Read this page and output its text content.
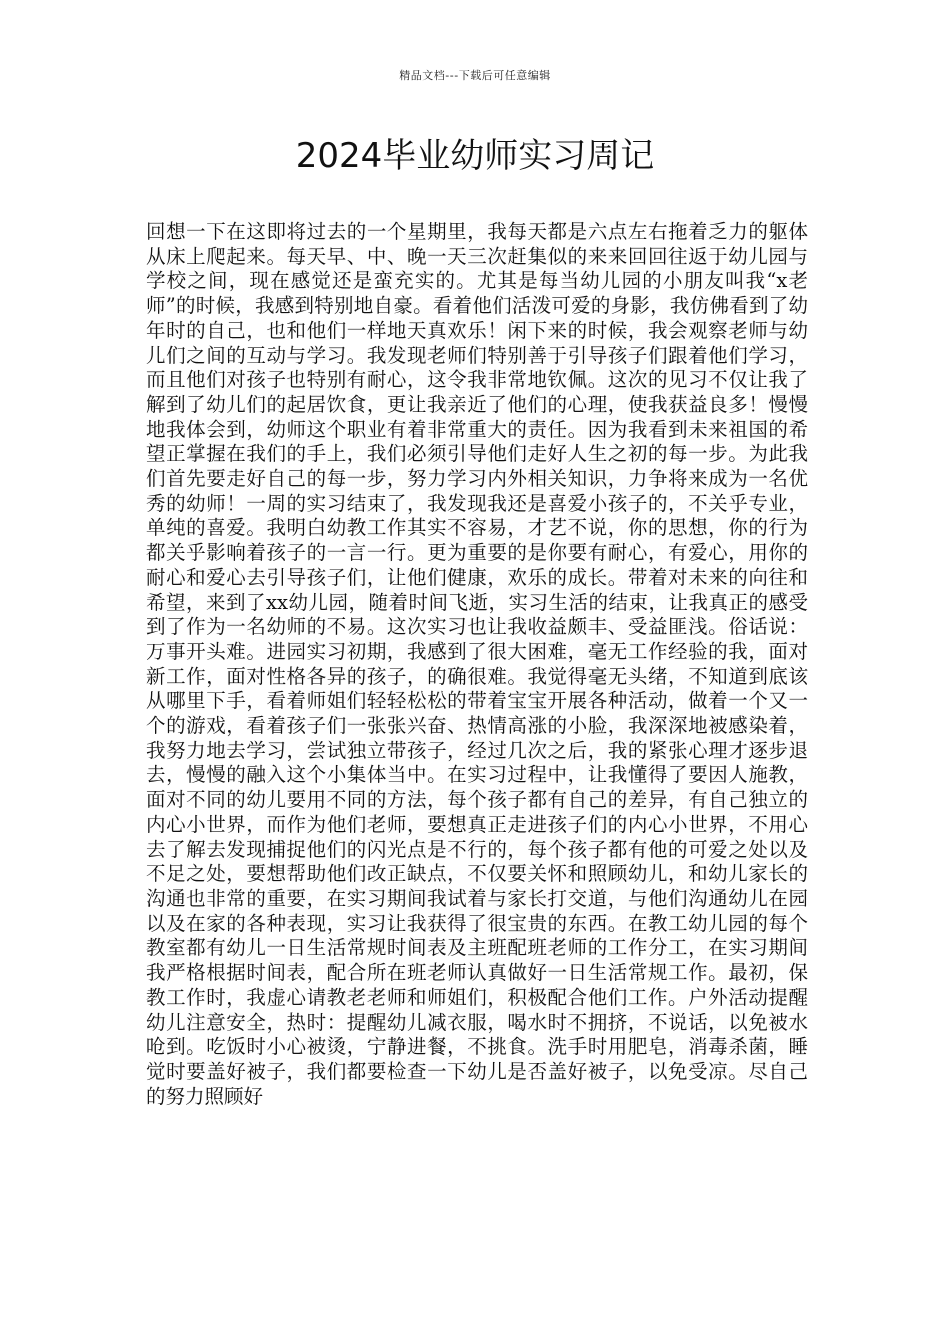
精品文档---下载后可任意编辑
2024毕业幼师实习周记

回想一下在这即将过去的一个星期里，我每天都是六点左右拖着乏力的躯体从床上爬起来。每天早、中、晚一天三次赶集似的来来回回往返于幼儿园与学校之间，现在感觉还是蛮充实的。尤其是每当幼儿园的小朋友叫我“x老师”的时候，我感到特别地自豪。看着他们活泼可爱的身影，我仿佛看到了幼年时的自己，也和他们一样地天真欢乐！闲下来的时候，我会观察老师与幼儿们之间的互动与学习。我发现老师们特别善于引导孩子们跟着他们学习，而且他们对孩子也特别有耐心，这令我非常地钦佩。这次的见习不仅让我了解到了幼儿们的起居饮食，更让我亲近了他们的心理，使我获益良多！慢慢地我体会到，幼师这个职业有着非常重大的责任。因为我看到未来祖国的希望正掌握在我们的手上，我们必须引导他们走好人生之初的每一步。为此我们首先要走好自己的每一步，努力学习内外相关知识，力争将来成为一名优秀的幼师！一周的实习结束了，我发现我还是喜爱小孩子的，不关乎专业，单纯的喜爱。我明白幼教工作其实不容易，才艺不说，你的思想，你的行为都关乎影响着孩子的一言一行。更为重要的是你要有耐心，有爱心，用你的耐心和爱心去引导孩子们，让他们健康，欢乐的成长。带着对未来的向往和希望，来到了xx幼儿园，随着时间飞逝，实习生活的结束，让我真正的感受到了作为一名幼师的不易。这次实习也让我收益颇丰、受益匪浅。俗话说：万事开头难。进园实习初期，我感到了很大困难，毫无工作经验的我，面对新工作，面对性格各异的孩子，的确很难。我觉得毫无头绪，不知道到底该从哪里下手，看着师姐们轻轻松松的带着宝宝开展各种活动，做着一个又一个的游戏，看着孩子们一张张兴奋、热情高涨的小脸，我深深地被感染着，我努力地去学习，尝试独立带孩子，经过几次之后，我的紧张心理才逐步退去，慢慢的融入这个小集体当中。在实习过程中，让我懂得了要因人施教，面对不同的幼儿要用不同的方法，每个孩子都有自己的差异，有自己独立的内心小世界，而作为他们老师，要想真正走进孩子们的内心小世界，不用心去了解去发现捕捉他们的闪光点是不行的，每个孩子都有他的可爱之处以及不足之处，要想帮助他们改正缺点，不仅要关怀和照顾幼儿，和幼儿家长的沟通也非常的重要，在实习期间我试着与家长打交道，与他们沟通幼儿在园以及在家的各种表现，实习让我获得了很宝贵的东西。在教工幼儿园的每个教室都有幼儿一日生活常规时间表及主班配班老师的工作分工，在实习期间我严格根据时间表，配合所在班老师认真做好一日生活常规工作。最初，保教工作时，我虚心请教老老师和师姐们，积极配合他们工作。户外活动提醒幼儿注意安全，热时：提醒幼儿减衣服，喝水时不拥挤，不说话，以免被水呛到。吃饭时小心被烫，宁静进餐，不挑食。洗手时用肥皂，消毒杀菌，睡觉时要盖好被子，我们都要检查一下幼儿是否盖好被子，以免受凉。尽自己的努力照顾好
